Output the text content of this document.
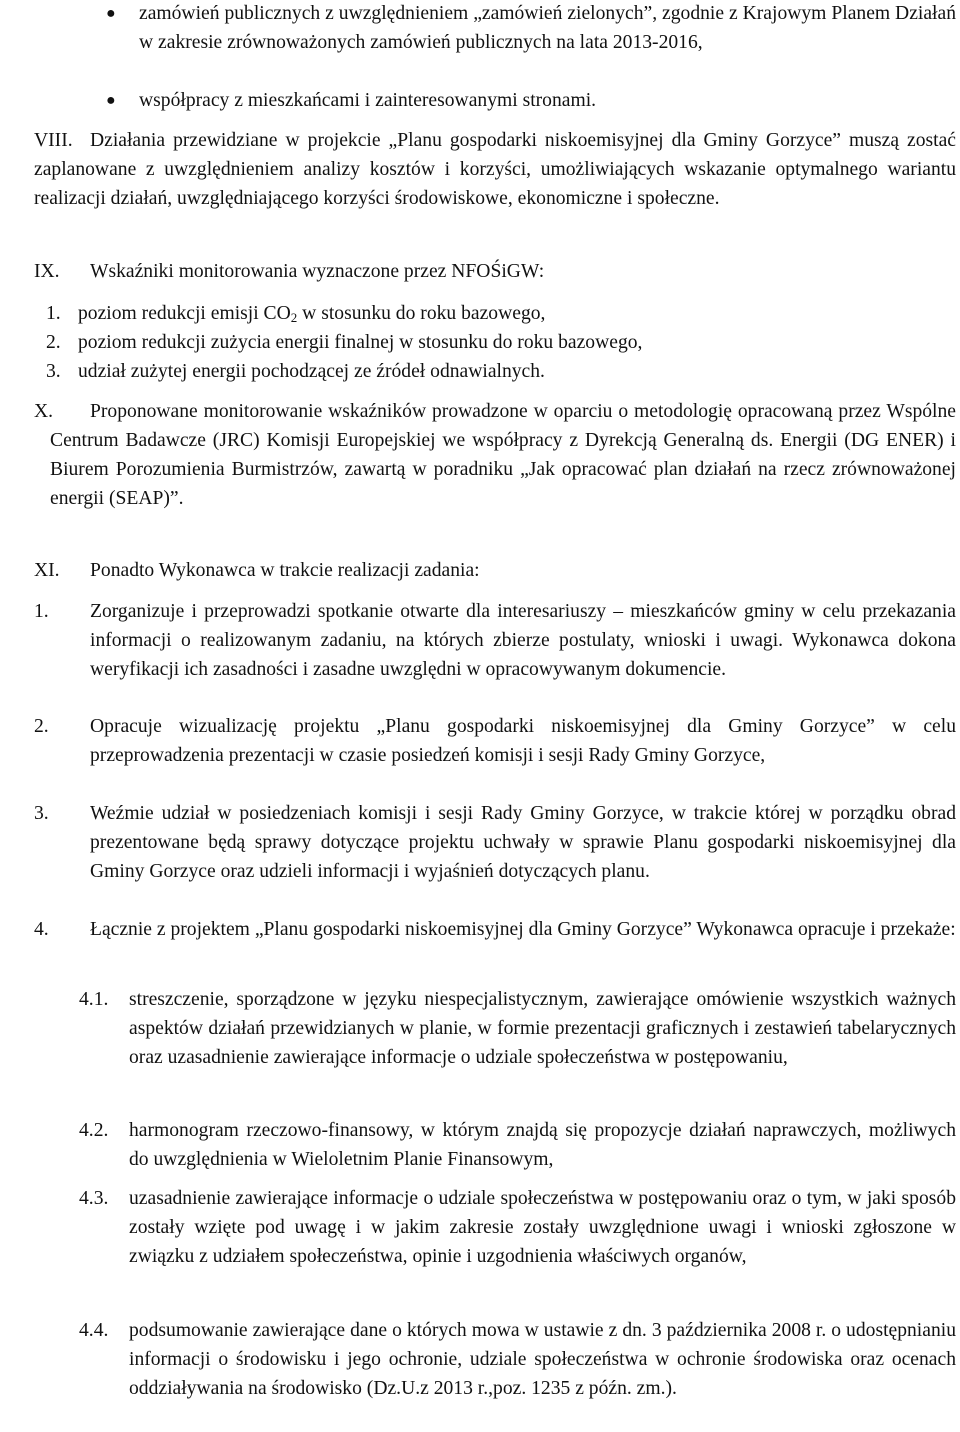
● zamówień publicznych z uwzględnieniem „zamówień zielonych”, zgodnie z Krajowym Planem Działań w zakresie zrównoważonych zamówień publicznych na lata 2013-2016,
● współpracy z mieszkańcami i zainteresowanymi stronami.
VIII. Działania przewidziane w projekcie „Planu gospodarki niskoemisyjnej dla Gminy Gorzyce” muszą zostać zaplanowane z uwzględnieniem analizy kosztów i korzyści, umożliwiających wskazanie optymalnego wariantu realizacji działań, uwzględniającego korzyści środowiskowe, ekonomiczne i społeczne.
IX. Wskaźniki monitorowania wyznaczone przez NFOŚiGW:
1. poziom redukcji emisji $CO_2$ w stosunku do roku bazowego,
2. poziom redukcji zużycia energii finalnej w stosunku do roku bazowego,
3. udział zużytej energii pochodzącej ze źródeł odnawialnych.
X.	Proponowane monitorowanie wskaźników prowadzone w oparciu o metodologię opracowaną przez Wspólne Centrum Badawcze (JRC) Komisji Europejskiej we współpracy z Dyrekcją Generalną ds. Energii (DG ENER) i Biurem Porozumienia Burmistrzów, zawartą w poradniku „Jak opracować plan działań na rzecz zrównoważonej energii (SEAP)”.
XI.	Ponadto Wykonawca w trakcie realizacji zadania:
1. Zorganizuje i przeprowadzi spotkanie otwarte dla interesariuszy – mieszkańców gminy w celu przekazania informacji o realizowanym zadaniu, na których zbierze postulaty, wnioski i uwagi. Wykonawca dokona weryfikacji ich zasadności i zasadne uwzględni w opracowywanym dokumencie.
2. Opracuje wizualizację projektu „Planu gospodarki niskoemisyjnej dla Gminy Gorzyce” w celu przeprowadzenia prezentacji w czasie posiedzeń komisji i sesji Rady Gminy Gorzyce,
3. Weźmie udział w posiedzeniach komisji i sesji Rady Gminy Gorzyce, w trakcie której w porządku obrad prezentowane będą sprawy dotyczące projektu uchwały w sprawie Planu gospodarki niskoemisyjnej dla Gminy Gorzyce oraz udzieli informacji i wyjaśnień dotyczących planu.
4. Łącznie z projektem „Planu gospodarki niskoemisyjnej dla Gminy Gorzyce” Wykonawca opracuje i przekaże:
4.1. streszczenie, sporządzone w języku niespecjalistycznym, zawierające omówienie wszystkich ważnych aspektów działań przewidzianych w planie, w formie prezentacji graficznych i zestawień tabelarycznych oraz uzasadnienie zawierające informacje o udziale społeczeństwa w postępowaniu,
4.2. harmonogram rzeczowo-finansowy, w którym znajdą się propozycje działań naprawczych, możliwych do uwzględnienia w Wieloletnim Planie Finansowym,
4.3. uzasadnienie zawierające informacje o udziale społeczeństwa w postępowaniu oraz o tym, w jaki sposób zostały wzięte pod uwagę i w jakim zakresie zostały uwzględnione uwagi i wnioski zgłoszone w związku z udziałem społeczeństwa, opinie i uzgodnienia właściwych organów,
4.4. podsumowanie zawierające dane o których mowa w ustawie z dn. 3 października 2008 r. o udostępnianiu informacji o środowisku i jego ochronie, udziale społeczeństwa w ochronie środowiska oraz ocenach oddziaływania na środowisko (Dz.U.z 2013 r.,poz. 1235 z późn. zm.).
